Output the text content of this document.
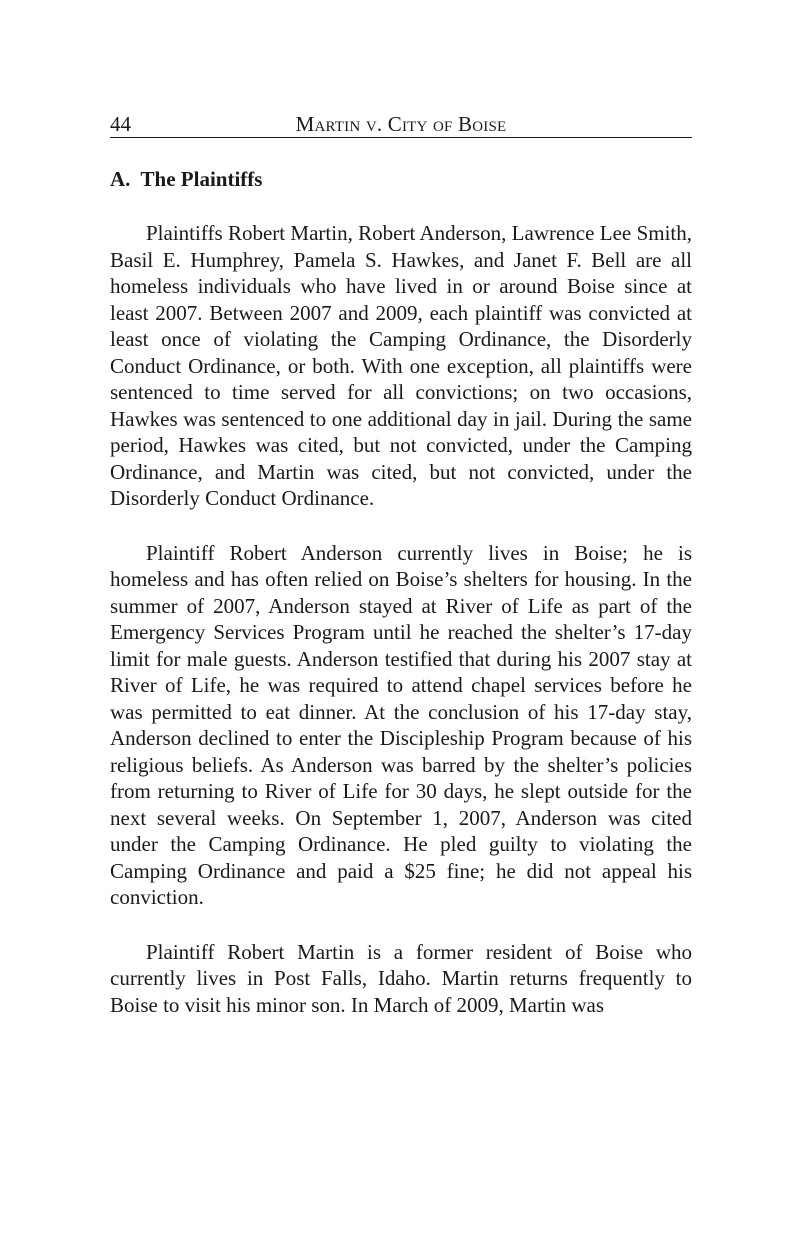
44	Martin v. City of Boise
A.  The Plaintiffs

Plaintiffs Robert Martin, Robert Anderson, Lawrence Lee Smith, Basil E. Humphrey, Pamela S. Hawkes, and Janet F. Bell are all homeless individuals who have lived in or around Boise since at least 2007. Between 2007 and 2009, each plaintiff was convicted at least once of violating the Camping Ordinance, the Disorderly Conduct Ordinance, or both. With one exception, all plaintiffs were sentenced to time served for all convictions; on two occasions, Hawkes was sentenced to one additional day in jail. During the same period, Hawkes was cited, but not convicted, under the Camping Ordinance, and Martin was cited, but not convicted, under the Disorderly Conduct Ordinance.

Plaintiff Robert Anderson currently lives in Boise; he is homeless and has often relied on Boise’s shelters for housing. In the summer of 2007, Anderson stayed at River of Life as part of the Emergency Services Program until he reached the shelter’s 17-day limit for male guests. Anderson testified that during his 2007 stay at River of Life, he was required to attend chapel services before he was permitted to eat dinner. At the conclusion of his 17-day stay, Anderson declined to enter the Discipleship Program because of his religious beliefs. As Anderson was barred by the shelter’s policies from returning to River of Life for 30 days, he slept outside for the next several weeks. On September 1, 2007, Anderson was cited under the Camping Ordinance. He pled guilty to violating the Camping Ordinance and paid a $25 fine; he did not appeal his conviction.

Plaintiff Robert Martin is a former resident of Boise who currently lives in Post Falls, Idaho. Martin returns frequently to Boise to visit his minor son. In March of 2009, Martin was
